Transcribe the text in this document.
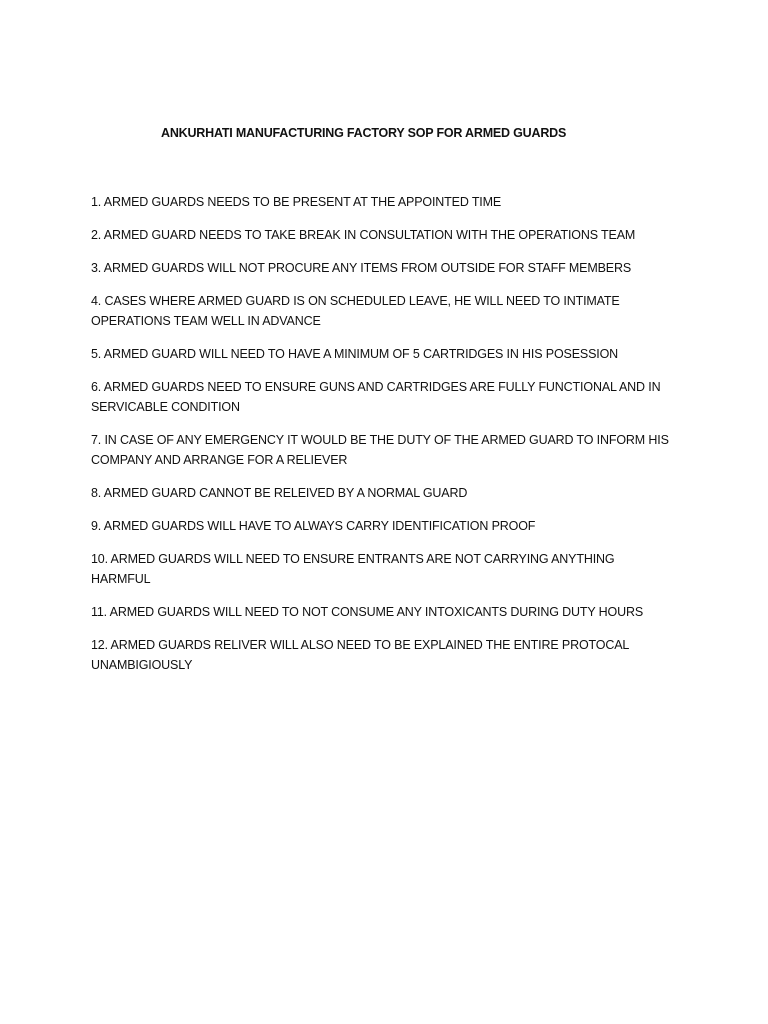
ANKURHATI MANUFACTURING FACTORY SOP FOR ARMED GUARDS
1. ARMED GUARDS NEEDS TO BE PRESENT AT THE APPOINTED TIME
2. ARMED GUARD NEEDS TO TAKE BREAK IN CONSULTATION WITH THE OPERATIONS TEAM
3. ARMED GUARDS WILL NOT PROCURE ANY ITEMS FROM OUTSIDE FOR STAFF MEMBERS
4. CASES WHERE ARMED GUARD IS ON SCHEDULED LEAVE, HE WILL NEED TO INTIMATE OPERATIONS TEAM WELL IN ADVANCE
5. ARMED GUARD WILL NEED TO HAVE A MINIMUM OF 5 CARTRIDGES IN HIS POSESSION
6. ARMED GUARDS NEED TO ENSURE GUNS AND CARTRIDGES ARE FULLY FUNCTIONAL AND IN SERVICABLE CONDITION
7. IN CASE OF ANY EMERGENCY IT WOULD BE THE DUTY OF THE ARMED GUARD TO INFORM HIS COMPANY AND ARRANGE FOR A RELIEVER
8. ARMED GUARD CANNOT BE RELEIVED BY A NORMAL GUARD
9. ARMED GUARDS WILL HAVE TO ALWAYS CARRY IDENTIFICATION PROOF
10. ARMED GUARDS WILL NEED TO ENSURE ENTRANTS ARE NOT CARRYING ANYTHING HARMFUL
11. ARMED GUARDS WILL NEED TO NOT CONSUME ANY INTOXICANTS DURING DUTY HOURS
12. ARMED GUARDS RELIVER WILL ALSO NEED TO BE EXPLAINED THE ENTIRE PROTOCAL UNAMBIGIOUSLY
